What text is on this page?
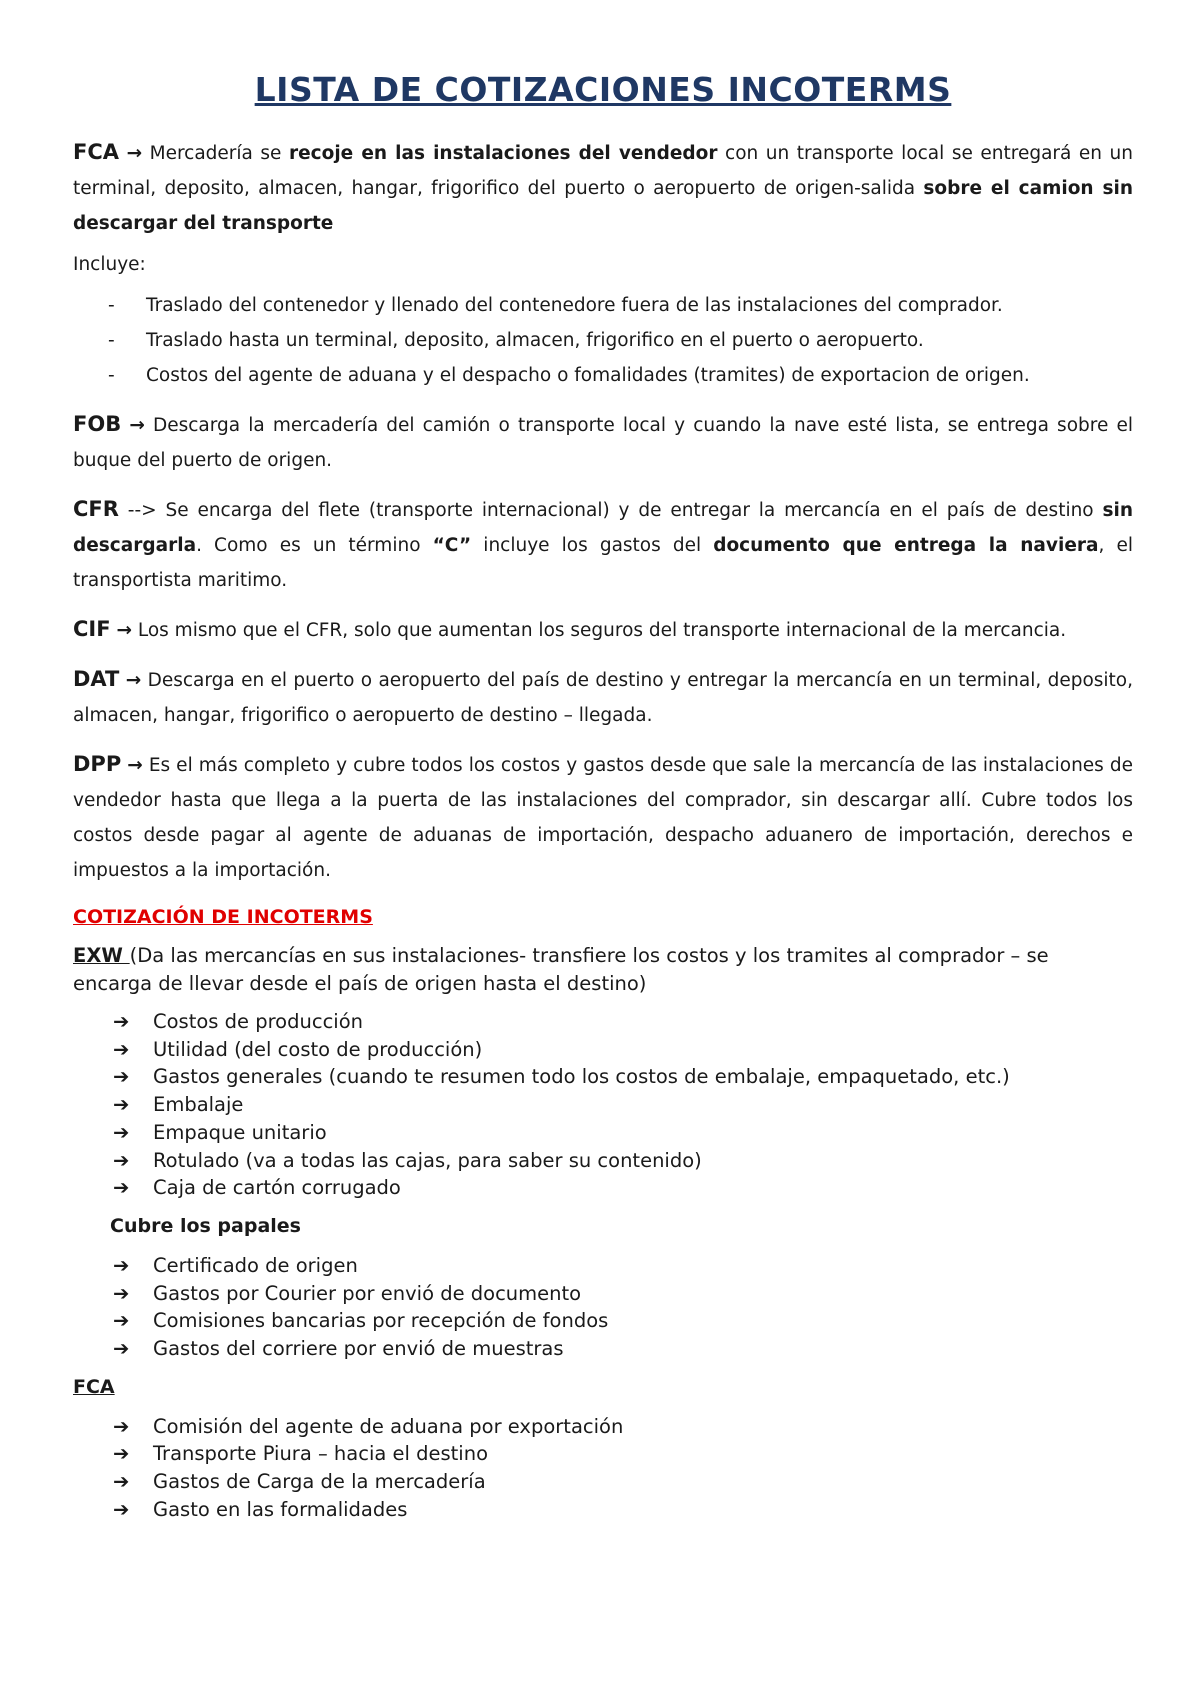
LISTA DE COTIZACIONES INCOTERMS

FCA → Mercadería se recoje en las instalaciones del vendedor con un transporte local se entregará en un terminal, deposito, almacen, hangar, frigorifico del puerto o aeropuerto de origen-salida sobre el camion sin descargar del transporte

Incluye:

- Traslado del contenedor y llenado del contenedore fuera de las instalaciones del comprador.
- Traslado hasta un terminal, deposito, almacen, frigorifico en el puerto o aeropuerto.
- Costos del agente de aduana y el despacho o fomalidades (tramites) de exportacion de origen.

FOB → Descarga la mercadería del camión o transporte local y cuando la nave esté lista, se entrega sobre el buque del puerto de origen.

CFR --> Se encarga del flete (transporte internacional) y de entregar la mercancía en el país de destino sin descargarla. Como es un término “C” incluye los gastos del documento que entrega la naviera, el transportista maritimo.

CIF → Los mismo que el CFR, solo que aumentan los seguros del transporte internacional de la mercancia.

DAT → Descarga en el puerto o aeropuerto del país de destino y entregar la mercancía en un terminal, deposito, almacen, hangar, frigorifico o aeropuerto de destino – llegada.

DPP → Es el más completo y cubre todos los costos y gastos desde que sale la mercancía de las instalaciones de vendedor hasta que llega a la puerta de las instalaciones del comprador, sin descargar allí. Cubre todos los costos desde pagar al agente de aduanas de importación, despacho aduanero de importación, derechos e impuestos a la importación.

COTIZACIÓN DE INCOTERMS

EXW (Da las mercancías en sus instalaciones- transfiere los costos y los tramites al comprador – se encarga de llevar desde el país de origen hasta el destino)

➔ Costos de producción
➔ Utilidad (del costo de producción)
➔ Gastos generales (cuando te resumen todo los costos de embalaje, empaquetado, etc.)
➔ Embalaje
➔ Empaque unitario
➔ Rotulado (va a todas las cajas, para saber su contenido)
➔ Caja de cartón corrugado
Cubre los papales
➔ Certificado de origen
➔ Gastos por Courier por envió de documento
➔ Comisiones bancarias por recepción de fondos
➔ Gastos del corriere por envió de muestras
FCA
➔ Comisión del agente de aduana por exportación
➔ Transporte Piura – hacia el destino
➔ Gastos de Carga de la mercadería
➔ Gasto en las formalidades
